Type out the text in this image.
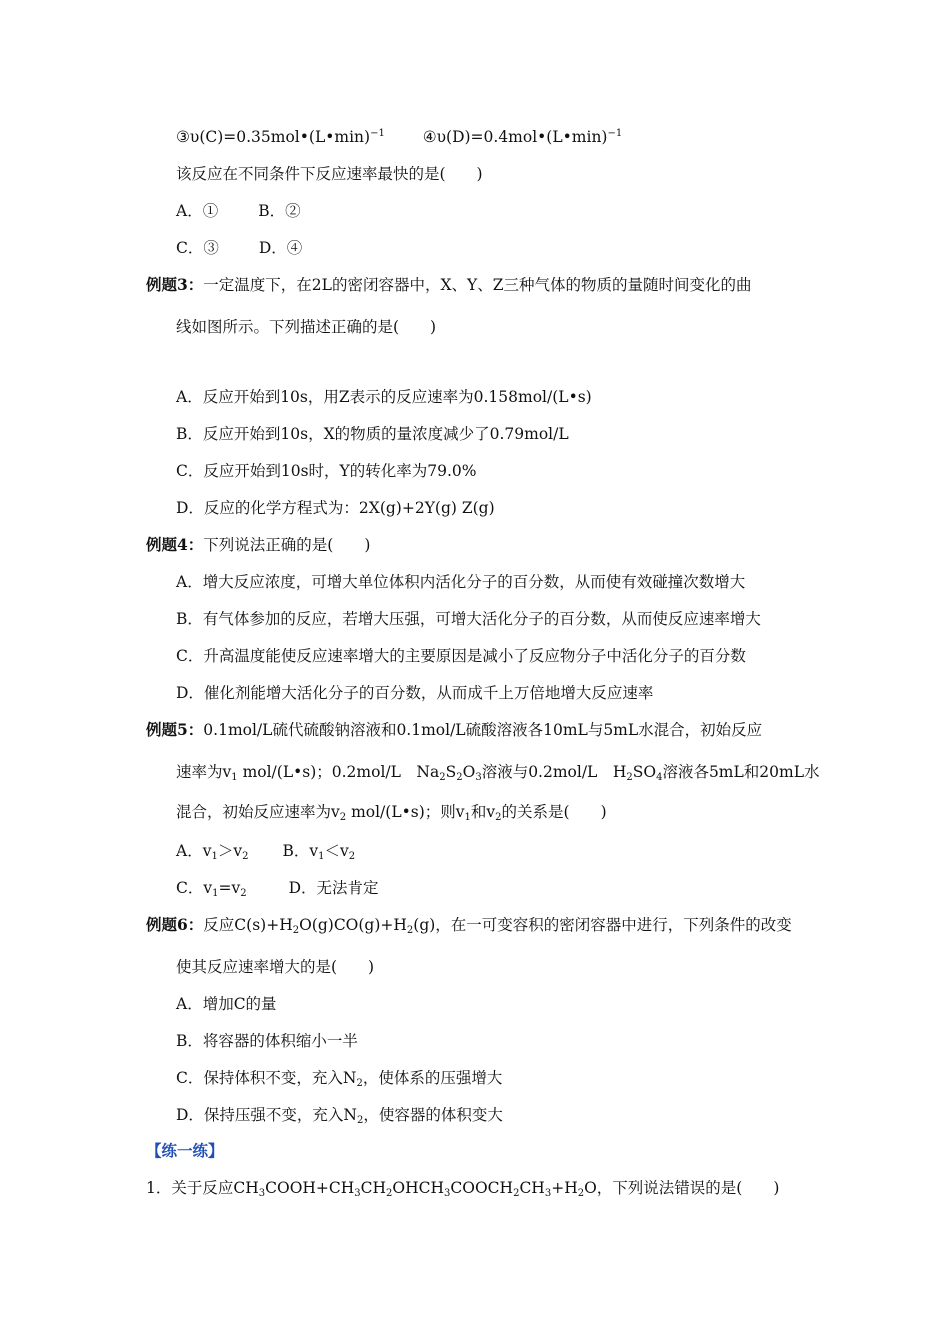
③υ(C)=0.35mol•(L•min)$^{-1}$ ④υ(D)=0.4mol•(L•min)$^{-1}$
该反应在不同条件下反应速率最快的是(　　)
A．①	B．②
C．③	D．④
例题3：一定温度下，在2L的密闭容器中，X、Y、Z三种气体的物质的量随时间变化的曲
线如图所示。下列描述正确的是(　　)
A．反应开始到10s，用Z表示的反应速率为0.158mol/(L•s)
B．反应开始到10s，X的物质的量浓度减少了0.79mol/L
C．反应开始到10s时，Y的转化率为79.0%
D．反应的化学方程式为：2X(g)+2Y(g) Z(g)
例题4：下列说法正确的是(　　)
A．增大反应浓度，可增大单位体积内活化分子的百分数，从而使有效碰撞次数增大
B．有气体参加的反应，若增大压强，可增大活化分子的百分数，从而使反应速率增大
C．升高温度能使反应速率增大的主要原因是减小了反应物分子中活化分子的百分数
D．催化剂能增大活化分子的百分数，从而成千上万倍地增大反应速率
例题5：0.1mol/L硫代硫酸钠溶液和0.1mol/L硫酸溶液各10mL与5mL水混合，初始反应
速率为$v_1$ mol/(L•s)；0.2mol/L　$Na_2S_2O_3$溶液与0.2mol/L　$H_2SO_4$溶液各5mL和20mL水
混合，初始反应速率为$v_2$ mol/(L•s)；则$v_1$和$v_2$的关系是(　　)
A．$v_1>v_2$ B．$v_1<v_2$
C．$v_1=v_2$	D．无法肯定
例题6：反应$C(s)+H_2O(g)CO(g)+H_2(g)$，在一可变容积的密闭容器中进行，下列条件的改变
使其反应速率增大的是(　　)
A．增加C的量
B．将容器的体积缩小一半
C．保持体积不变，充入$N_2$，使体系的压强增大
D．保持压强不变，充入$N_2$，使容器的体积变大
【练一练】
1．关于反应$CH_3COOH+CH_3CH_2OHCH_3COOCH_2CH_3+H_2O$，下列说法错误的是(　　)
